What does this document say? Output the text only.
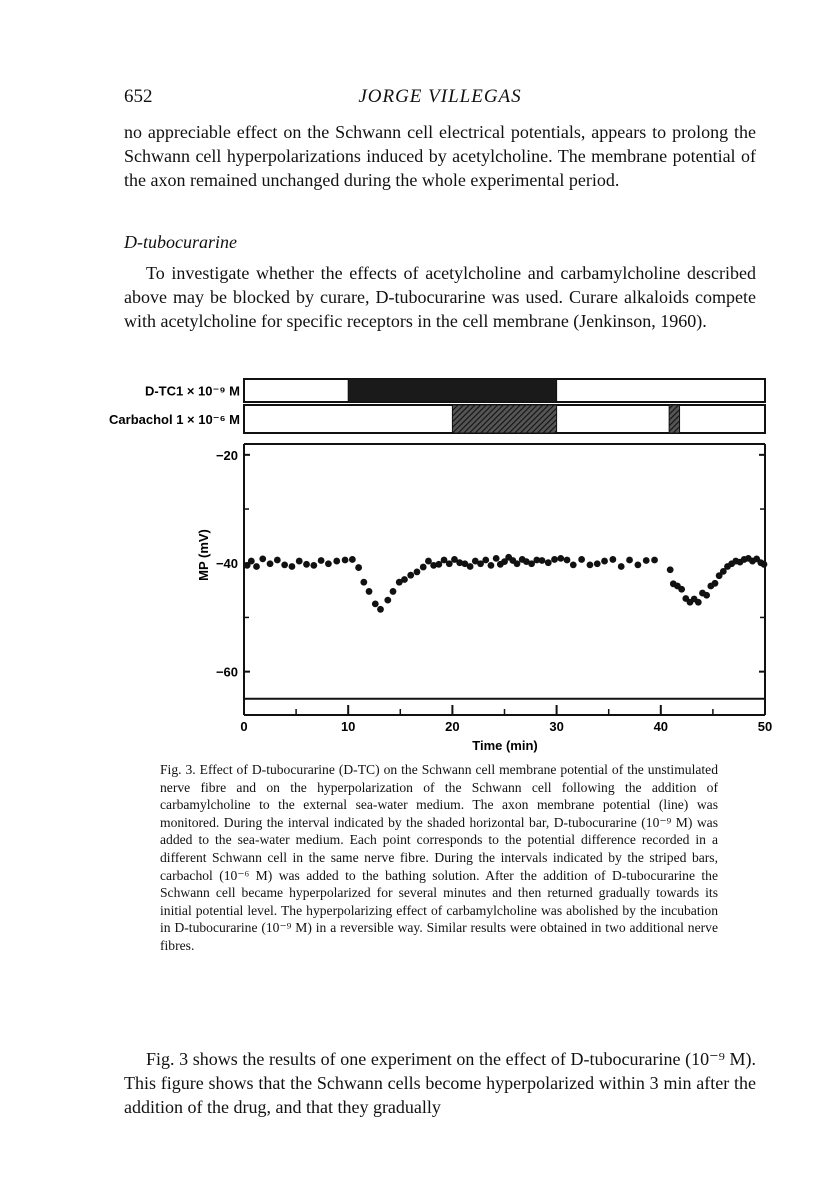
652	JORGE VILLEGAS

no appreciable effect on the Schwann cell electrical potentials, appears to prolong the Schwann cell hyperpolarizations induced by acetylcholine. The membrane potential of the axon remained unchanged during the whole experimental period.

D-tubocurarine

To investigate whether the effects of acetylcholine and carbamylcholine described above may be blocked by curare, D-tubocurarine was used. Curare alkaloids compete with acetylcholine for specific receptors in the cell membrane (Jenkinson, 1960).

D-TC1 × 10⁻⁹ M
Carbachol 1 × 10⁻⁶ M
0	10	20	30	40	50
−20
−40
−60
MP (mV)
Time (min)

Fig. 3. Effect of D-tubocurarine (D-TC) on the Schwann cell membrane potential of the unstimulated nerve fibre and on the hyperpolarization of the Schwann cell following the addition of carbamylcholine to the external sea-water medium. The axon membrane potential (line) was monitored. During the interval indicated by the shaded horizontal bar, D-tubocurarine (10⁻⁹ M) was added to the sea-water medium. Each point corresponds to the potential difference recorded in a different Schwann cell in the same nerve fibre. During the intervals indicated by the striped bars, carbachol (10⁻⁶ M) was added to the bathing solution. After the addition of D-tubocurarine the Schwann cell became hyperpolarized for several minutes and then returned gradually towards its initial potential level. The hyperpolarizing effect of carbamylcholine was abolished by the incubation in D-tubocurarine (10⁻⁹ M) in a reversible way. Similar results were obtained in two additional nerve fibres.

Fig. 3 shows the results of one experiment on the effect of D-tubocurarine (10⁻⁹ M). This figure shows that the Schwann cells become hyperpolarized within 3 min after the addition of the drug, and that they gradually
